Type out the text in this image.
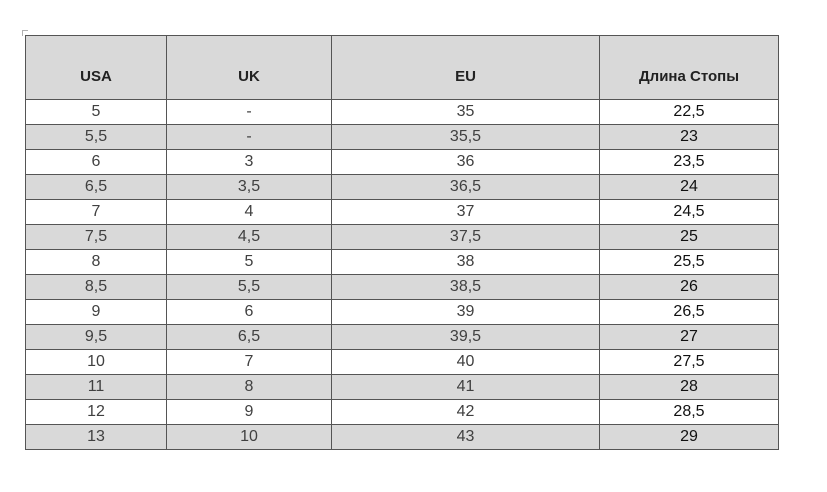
USA	UK	EU	Длина Стопы
5	-	35	22,5
5,5	-	35,5	23
6	3	36	23,5
6,5	3,5	36,5	24
7	4	37	24,5
7,5	4,5	37,5	25
8	5	38	25,5
8,5	5,5	38,5	26
9	6	39	26,5
9,5	6,5	39,5	27
10	7	40	27,5
11	8	41	28
12	9	42	28,5
13	10	43	29
